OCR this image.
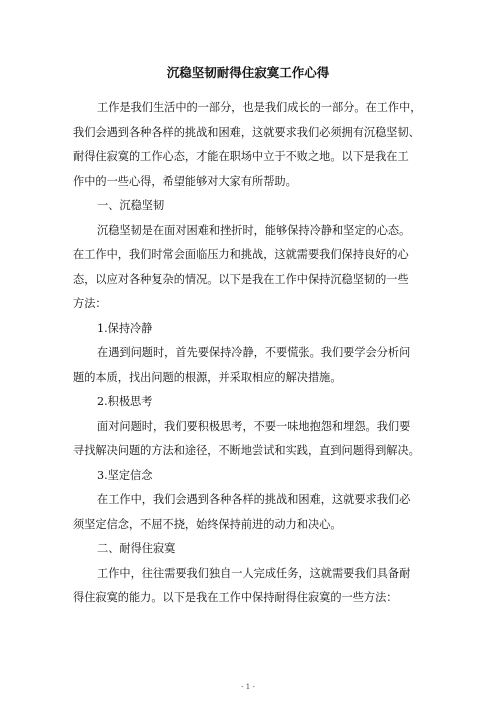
沉稳坚韧耐得住寂寞工作心得

工作是我们生活中的一部分，也是我们成长的一部分。在工作中，

我们会遇到各种各样的挑战和困难，这就要求我们必须拥有沉稳坚韧、

耐得住寂寞的工作心态，才能在职场中立于不败之地。以下是我在工

作中的一些心得，希望能够对大家有所帮助。

一、沉稳坚韧

沉稳坚韧是在面对困难和挫折时，能够保持冷静和坚定的心态。

在工作中，我们时常会面临压力和挑战，这就需要我们保持良好的心

态，以应对各种复杂的情况。以下是我在工作中保持沉稳坚韧的一些

方法：

1.保持冷静

在遇到问题时，首先要保持冷静，不要慌张。我们要学会分析问

题的本质，找出问题的根源，并采取相应的解决措施。

2.积极思考

面对问题时，我们要积极思考，不要一味地抱怨和埋怨。我们要

寻找解决问题的方法和途径，不断地尝试和实践，直到问题得到解决。

3.坚定信念

在工作中，我们会遇到各种各样的挑战和困难，这就要求我们必

须坚定信念，不屈不挠，始终保持前进的动力和决心。

二、耐得住寂寞

工作中，往往需要我们独自一人完成任务，这就需要我们具备耐

得住寂寞的能力。以下是我在工作中保持耐得住寂寞的一些方法：

- 1 -
